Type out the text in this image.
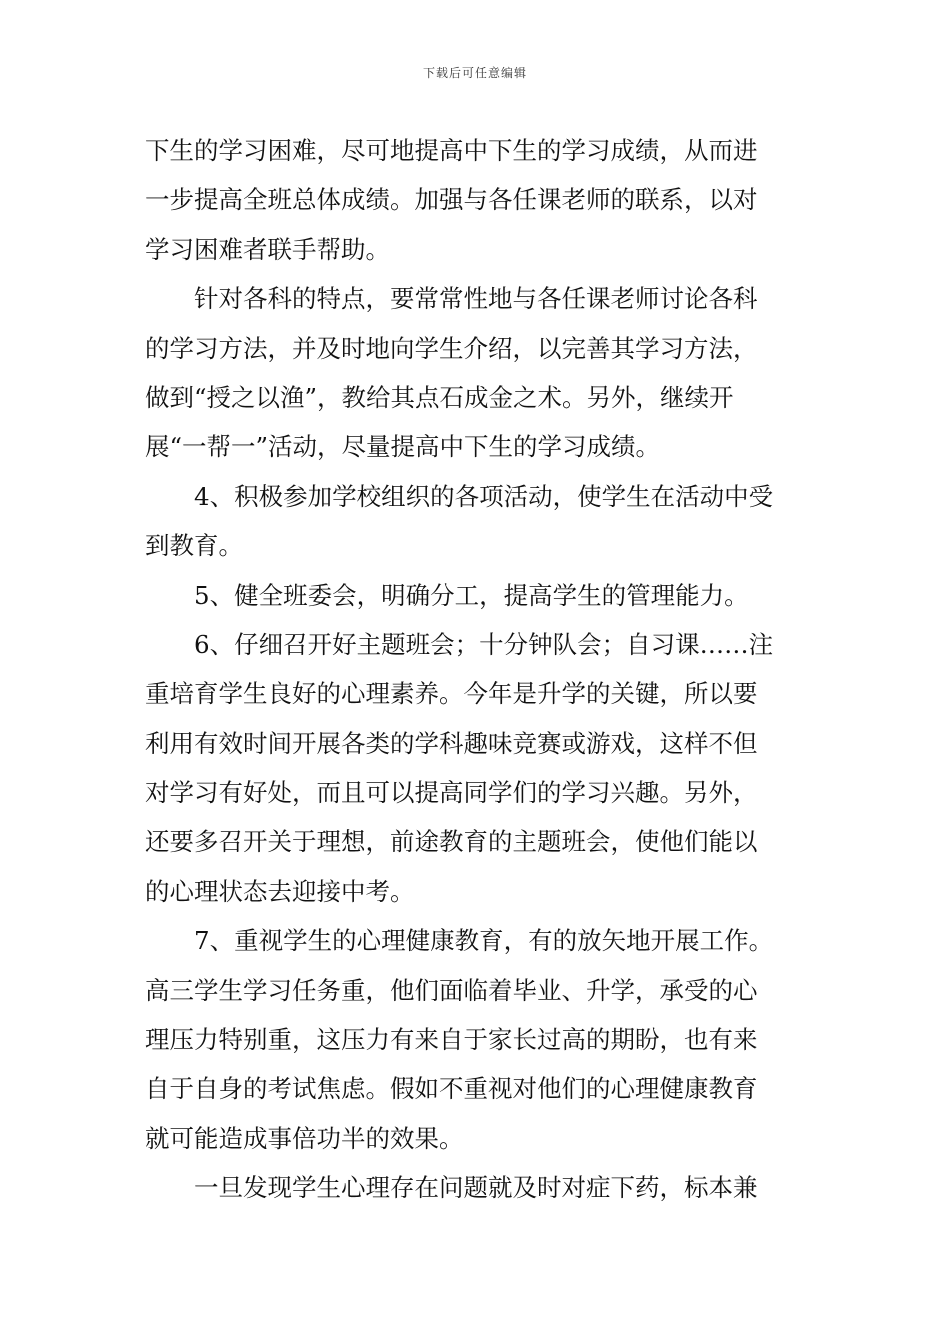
下载后可任意编辑
下生的学习困难，尽可地提高中下生的学习成绩，从而进
一步提高全班总体成绩。加强与各任课老师的联系，以对
学习困难者联手帮助。
针对各科的特点，要常常性地与各任课老师讨论各科
的学习方法，并及时地向学生介绍，以完善其学习方法，
做到“授之以渔”，教给其点石成金之术。另外，继续开
展“一帮一”活动，尽量提高中下生的学习成绩。
4、积极参加学校组织的各项活动，使学生在活动中受
到教育。
5、健全班委会，明确分工，提高学生的管理能力。
6、仔细召开好主题班会；十分钟队会；自习课……注
重培育学生良好的心理素养。今年是升学的关键，所以要
利用有效时间开展各类的学科趣味竞赛或游戏，这样不但
对学习有好处，而且可以提高同学们的学习兴趣。另外，
还要多召开关于理想，前途教育的主题班会，使他们能以
的心理状态去迎接中考。
7、重视学生的心理健康教育，有的放矢地开展工作。
高三学生学习任务重，他们面临着毕业、升学，承受的心
理压力特别重，这压力有来自于家长过高的期盼，也有来
自于自身的考试焦虑。假如不重视对他们的心理健康教育
就可能造成事倍功半的效果。
一旦发现学生心理存在问题就及时对症下药，标本兼
